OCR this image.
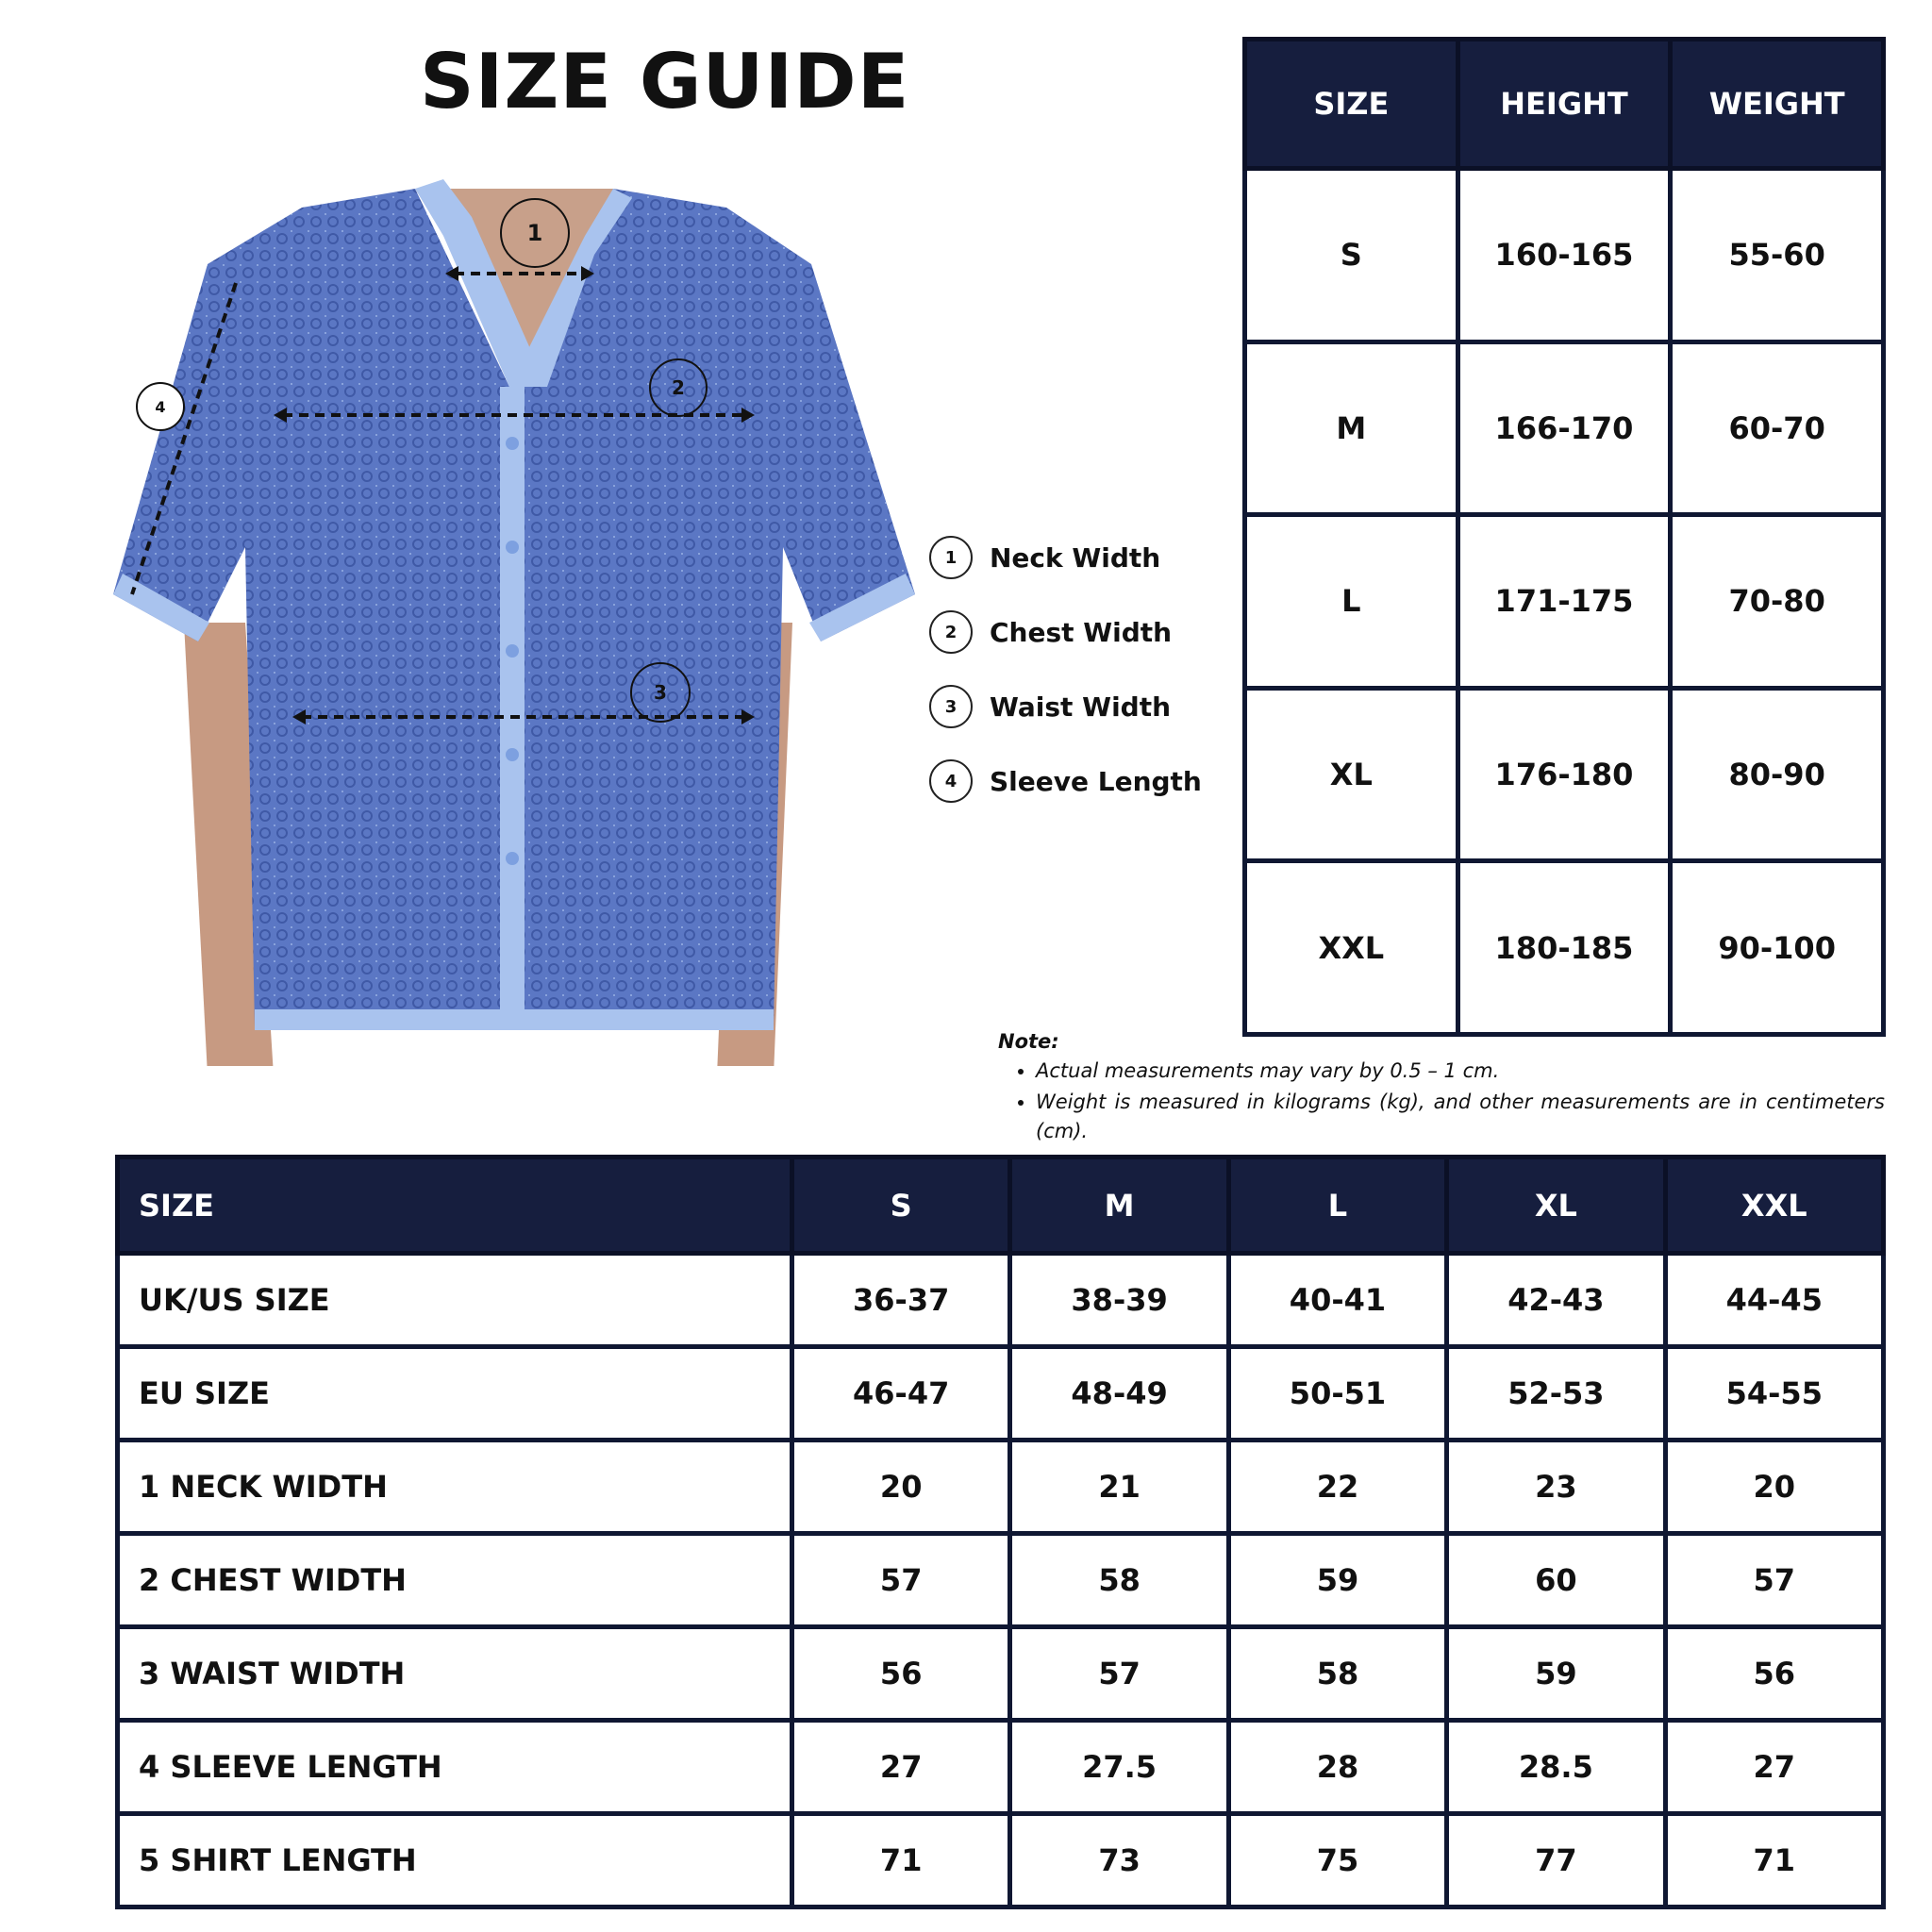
SIZE GUIDE
1
2
3
4
1	Neck Width
2	Chest Width
3	Waist Width
4	Sleeve Length
SIZE	HEIGHT	WEIGHT
S	160-165	55-60
M	166-170	60-70
L	171-175	70-80
XL	176-180	80-90
XXL	180-185	90-100
Note:
• Actual measurements may vary by 0.5 – 1 cm.
• Weight is measured in kilograms (kg), and other measurements are in centimeters (cm).
SIZE	S	M	L	XL	XXL
UK/US SIZE	36-37	38-39	40-41	42-43	44-45
EU SIZE	46-47	48-49	50-51	52-53	54-55
1 NECK WIDTH	20	21	22	23	20
2 CHEST WIDTH	57	58	59	60	57
3 WAIST WIDTH	56	57	58	59	56
4 SLEEVE LENGTH	27	27.5	28	28.5	27
5 SHIRT LENGTH	71	73	75	77	71
